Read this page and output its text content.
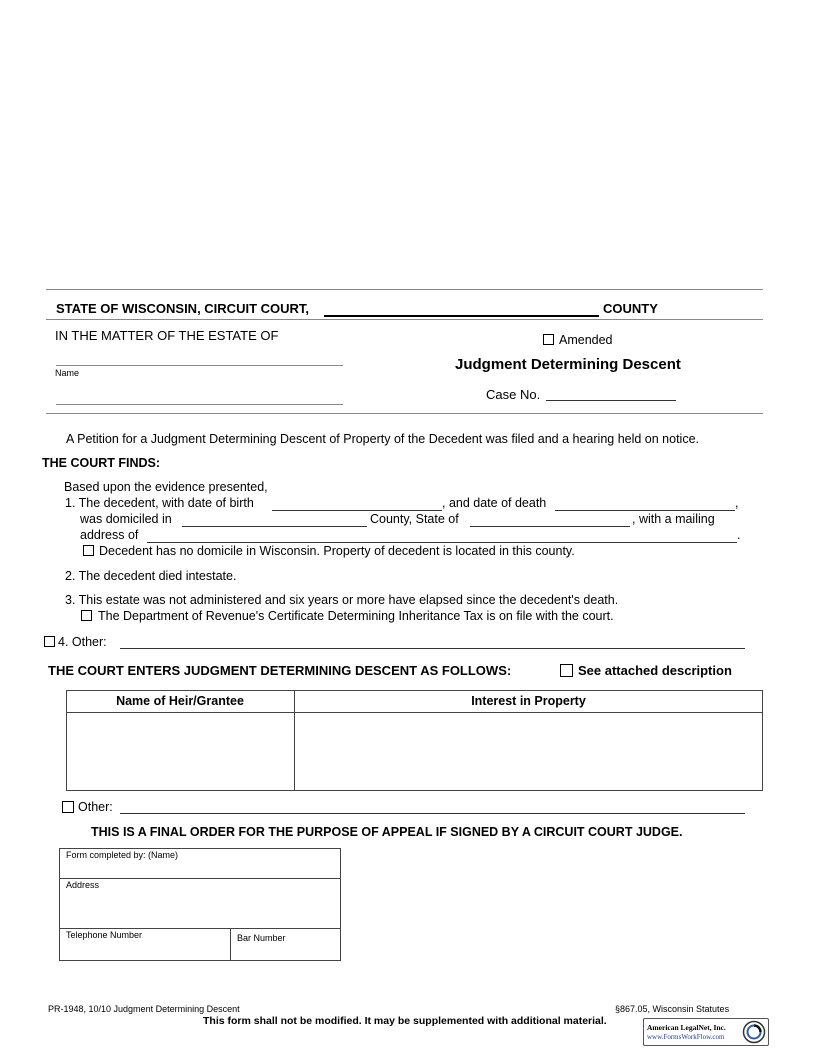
STATE OF WISCONSIN, CIRCUIT COURT,	COUNTY
IN THE MATTER OF THE ESTATE OF
Name
Amended
Judgment Determining Descent
Case No.
A Petition for a Judgment Determining Descent of Property of the Decedent was filed and a hearing held on notice.
THE COURT FINDS:
Based upon the evidence presented,
1. The decedent, with date of birth	, and date of death	,
was domiciled in	County, State of	, with a mailing
address of	.
Decedent has no domicile in Wisconsin. Property of decedent is located in this county.
2. The decedent died intestate.
3. This estate was not administered and six years or more have elapsed since the decedent's death.
The Department of Revenue's Certificate Determining Inheritance Tax is on file with the court.
4. Other:
THE COURT ENTERS JUDGMENT DETERMINING DESCENT AS FOLLOWS:	See attached description
Name of Heir/Grantee	Interest in Property
Other:
THIS IS A FINAL ORDER FOR THE PURPOSE OF APPEAL IF SIGNED BY A CIRCUIT COURT JUDGE.
Form completed by: (Name)
Address
Telephone Number	Bar Number
PR-1948, 10/10 Judgment Determining Descent	§867.05, Wisconsin Statutes
This form shall not be modified. It may be supplemented with additional material.
American LegalNet, Inc.
www.FormsWorkFlow.com
